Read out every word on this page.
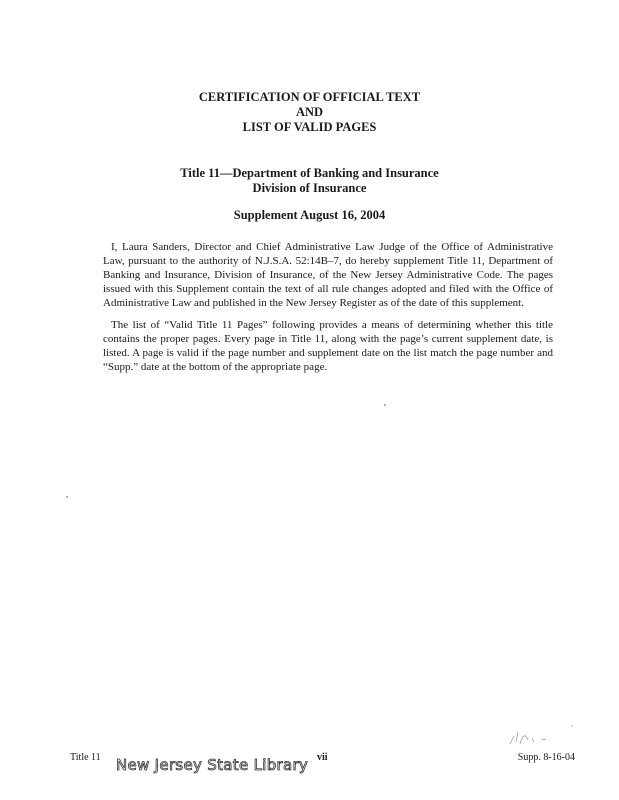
CERTIFICATION OF OFFICIAL TEXT
AND
LIST OF VALID PAGES
Title 11—Department of Banking and Insurance
Division of Insurance
Supplement August 16, 2004

I, Laura Sanders, Director and Chief Administrative Law Judge of the Office of Administrative Law, pursuant to the authority of N.J.S.A. 52:14B–7, do hereby supplement Title 11, Department of Banking and Insurance, Division of Insurance, of the New Jersey Administrative Code. The pages issued with this Supplement contain the text of all rule changes adopted and filed with the Office of Administrative Law and published in the New Jersey Register as of the date of this supplement.

The list of “Valid Title 11 Pages” following provides a means of determining whether this title contains the proper pages. Every page in Title 11, along with the page’s current supplement date, is listed. A page is valid if the page number and supplement date on the list match the page number and “Supp.” date at the bottom of the appropriate page.

Title 11 New Jersey State Library vii	Supp. 8-16-04
